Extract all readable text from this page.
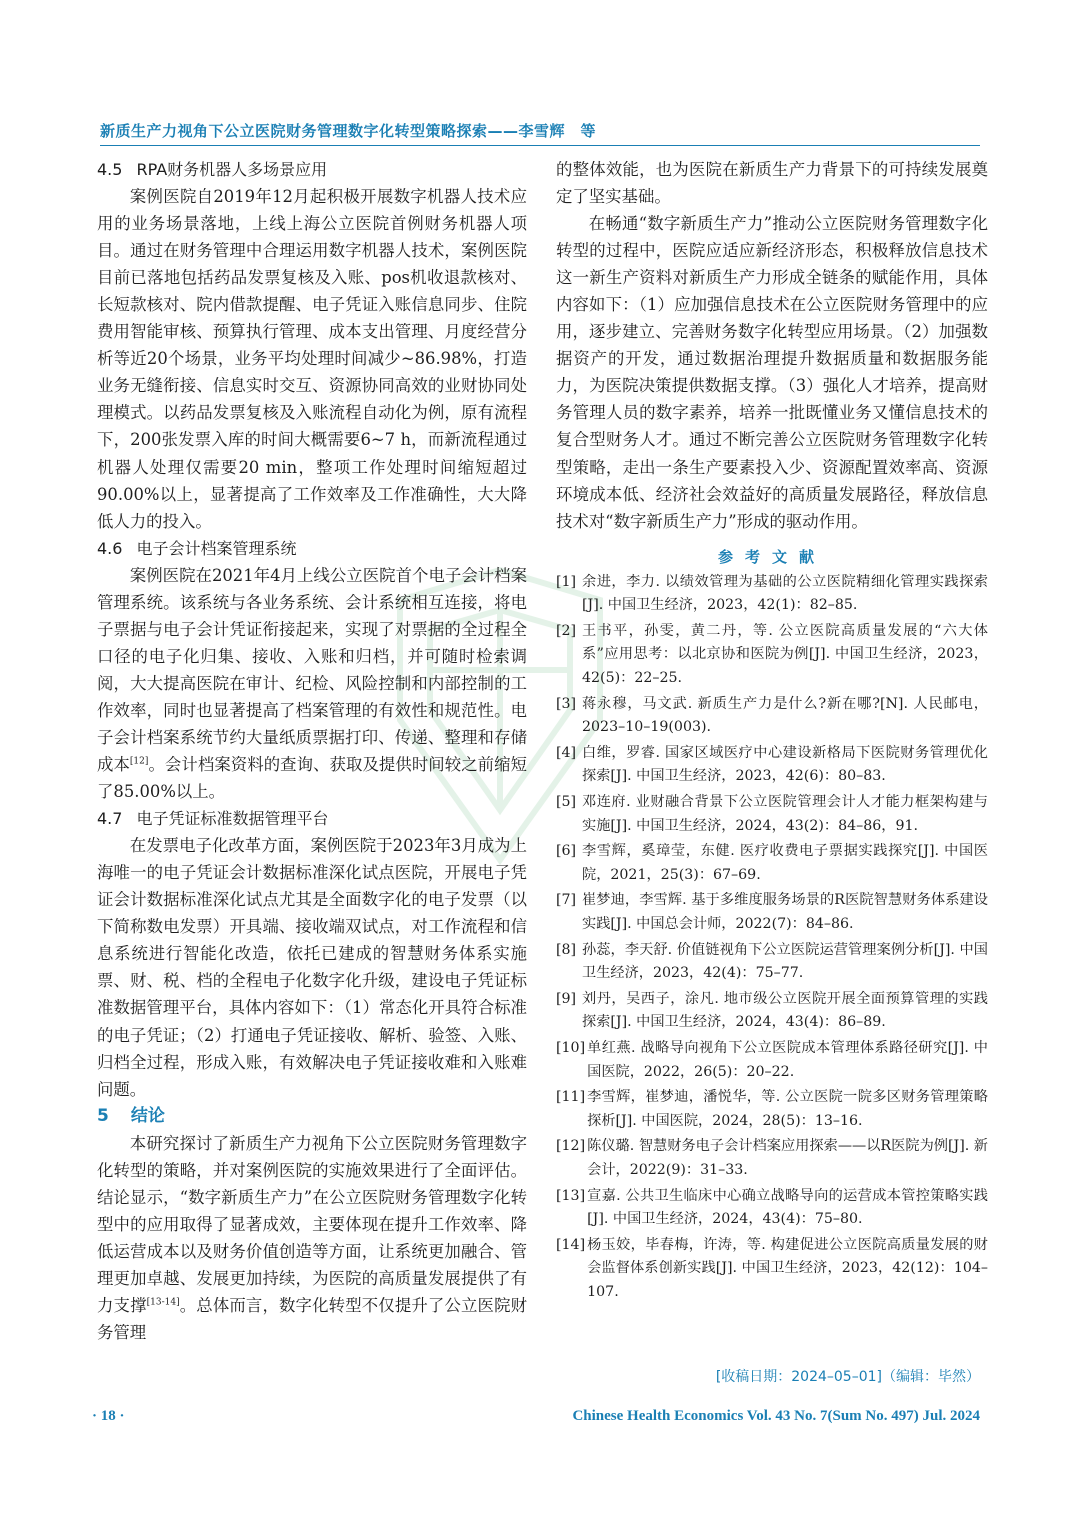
新质生产力视角下公立医院财务管理数字化转型策略探索——李雪辉　等
4.5 RPA财务机器人多场景应用

案例医院自2019年12月起积极开展数字机器人技术应用的业务场景落地，上线上海公立医院首例财务机器人项目。通过在财务管理中合理运用数字机器人技术，案例医院目前已落地包括药品发票复核及入账、pos机收退款核对、长短款核对、院内借款提醒、电子凭证入账信息同步、住院费用智能审核、预算执行管理、成本支出管理、月度经营分析等近20个场景，业务平均处理时间减少~86.98%，打造业务无缝衔接、信息实时交互、资源协同高效的业财协同处理模式。以药品发票复核及入账流程自动化为例，原有流程下，200张发票入库的时间大概需要6~7 h，而新流程通过机器人处理仅需要20 min，整项工作处理时间缩短超过90.00%以上，显著提高了工作效率及工作准确性，大大降低人力的投入。

4.6 电子会计档案管理系统

案例医院在2021年4月上线公立医院首个电子会计档案管理系统。该系统与各业务系统、会计系统相互连接，将电子票据与电子会计凭证衔接起来，实现了对票据的全过程全口径的电子化归集、接收、入账和归档，并可随时检索调阅，大大提高医院在审计、纪检、风险控制和内部控制的工作效率，同时也显著提高了档案管理的有效性和规范性。电子会计档案系统节约大量纸质票据打印、传递、整理和存储成本[12]。会计档案资料的查询、获取及提供时间较之前缩短了85.00%以上。

4.7 电子凭证标准数据管理平台

在发票电子化改革方面，案例医院于2023年3月成为上海唯一的电子凭证会计数据标准深化试点医院，开展电子凭证会计数据标准深化试点尤其是全面数字化的电子发票（以下简称数电发票）开具端、接收端双试点，对工作流程和信息系统进行智能化改造，依托已建成的智慧财务体系实施票、财、税、档的全程电子化数字化升级，建设电子凭证标准数据管理平台，具体内容如下：（1）常态化开具符合标准的电子凭证；（2）打通电子凭证接收、解析、验签、入账、归档全过程，形成入账，有效解决电子凭证接收难和入账难问题。

5 结论

本研究探讨了新质生产力视角下公立医院财务管理数字化转型的策略，并对案例医院的实施效果进行了全面评估。结论显示，“数字新质生产力”在公立医院财务管理数字化转型中的应用取得了显著成效，主要体现在提升工作效率、降低运营成本以及财务价值创造等方面，让系统更加融合、管理更加卓越、发展更加持续，为医院的高质量发展提供了有力支撑[13-14]。总体而言，数字化转型不仅提升了公立医院财务管理

的整体效能，也为医院在新质生产力背景下的可持续发展奠定了坚实基础。

在畅通“数字新质生产力”推动公立医院财务管理数字化转型的过程中，医院应适应新经济形态，积极释放信息技术这一新生产资料对新质生产力形成全链条的赋能作用，具体内容如下：（1）应加强信息技术在公立医院财务管理中的应用，逐步建立、完善财务数字化转型应用场景。（2）加强数据资产的开发，通过数据治理提升数据质量和数据服务能力，为医院决策提供数据支撑。（3）强化人才培养，提高财务管理人员的数字素养，培养一批既懂业务又懂信息技术的复合型财务人才。通过不断完善公立医院财务管理数字化转型策略，走出一条生产要素投入少、资源配置效率高、资源环境成本低、经济社会效益好的高质量发展路径，释放信息技术对“数字新质生产力”形成的驱动作用。

参考文献
[1] 余进，李力. 以绩效管理为基础的公立医院精细化管理实践探索[J]. 中国卫生经济，2023，42(1)：82–85.
[2] 王书平，孙雯，黄二丹，等. 公立医院高质量发展的“六大体系”应用思考：以北京协和医院为例[J]. 中国卫生经济，2023，42(5)：22–25.
[3] 蒋永穆，马文武. 新质生产力是什么?新在哪?[N]. 人民邮电，2023–10–19(003).
[4] 白维，罗睿. 国家区域医疗中心建设新格局下医院财务管理优化探索[J]. 中国卫生经济，2023，42(6)：80–83.
[5] 邓连府. 业财融合背景下公立医院管理会计人才能力框架构建与实施[J]. 中国卫生经济，2024，43(2)：84–86，91.
[6] 李雪辉，奚璋莹，东健. 医疗收费电子票据实践探究[J]. 中国医院，2021，25(3)：67–69.
[7] 崔梦迪，李雪辉. 基于多维度服务场景的R医院智慧财务体系建设实践[J]. 中国总会计师，2022(7)：84–86.
[8] 孙蕊，李天舒. 价值链视角下公立医院运营管理案例分析[J]. 中国卫生经济，2023，42(4)：75–77.
[9] 刘丹，吴西子，涂凡. 地市级公立医院开展全面预算管理的实践探索[J]. 中国卫生经济，2024，43(4)：86–89.
[10] 单红燕. 战略导向视角下公立医院成本管理体系路径研究[J]. 中国医院，2022，26(5)：20–22.
[11] 李雪辉，崔梦迪，潘悦华，等. 公立医院一院多区财务管理策略探析[J]. 中国医院，2024，28(5)：13–16.
[12] 陈仪璐. 智慧财务电子会计档案应用探索——以R医院为例[J]. 新会计，2022(9)：31–33.
[13] 宣嘉. 公共卫生临床中心确立战略导向的运营成本管控策略实践[J]. 中国卫生经济，2024，43(4)：75–80.
[14] 杨玉姣，毕春梅，许涛，等. 构建促进公立医院高质量发展的财会监督体系创新实践[J]. 中国卫生经济，2023，42(12)：104–107.
[收稿日期：2024–05–01]（编辑：毕然）
· 18 ·	Chinese Health Economics Vol. 43 No. 7(Sum No. 497) Jul. 2024
